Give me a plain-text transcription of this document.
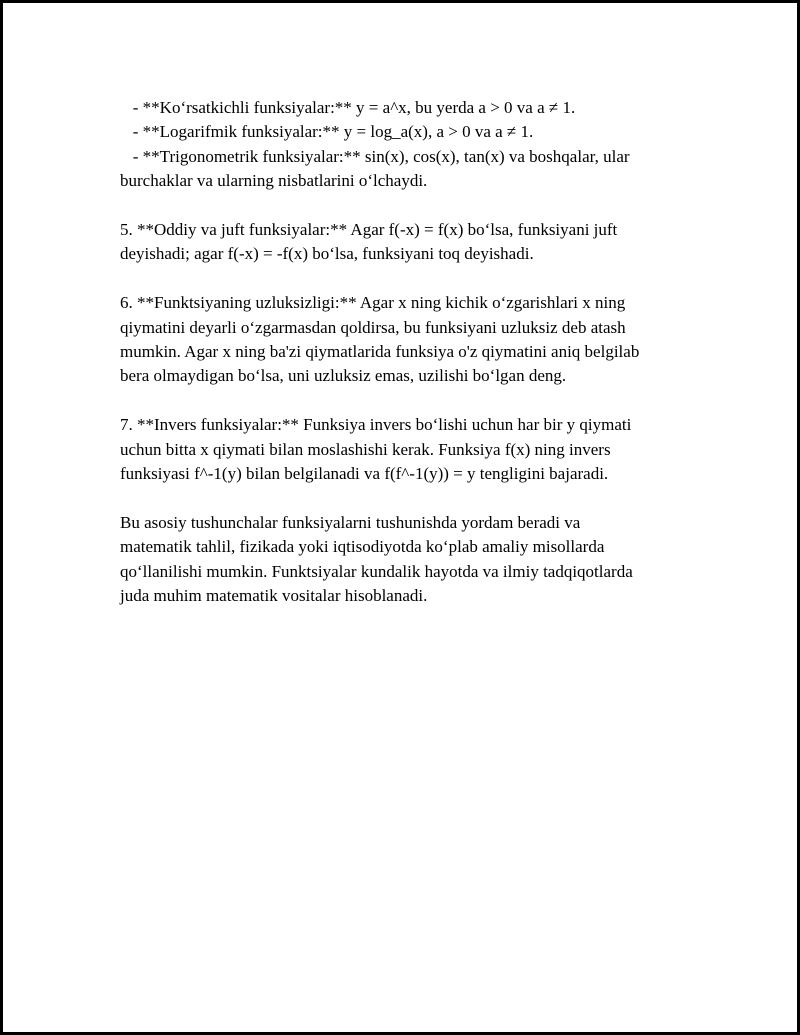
- **Koʻrsatkichli funksiyalar:** y = a^x, bu yerda a > 0 va a ≠ 1.
- **Logarifmik funksiyalar:** y = log_a(x), a > 0 va a ≠ 1.
- **Trigonometrik funksiyalar:** sin(x), cos(x), tan(x) va boshqalar, ular
burchaklar va ularning nisbatlarini oʻlchaydi.
5. **Oddiy va juft funksiyalar:** Agar f(-x) = f(x) boʻlsa, funksiyani juft
deyishadi; agar f(-x) = -f(x) boʻlsa, funksiyani toq deyishadi.
6. **Funktsiyaning uzluksizligi:** Agar x ning kichik oʻzgarishlari x ning
qiymatini deyarli oʻzgarmasdan qoldirsa, bu funksiyani uzluksiz deb atash
mumkin. Agar x ning ba'zi qiymatlarida funksiya o'z qiymatini aniq belgilab
bera olmaydigan boʻlsa, uni uzluksiz emas, uzilishi boʻlgan deng.
7. **Invers funksiyalar:** Funksiya invers boʻlishi uchun har bir y qiymati
uchun bitta x qiymati bilan moslashishi kerak. Funksiya f(x) ning invers
funksiyasi f^-1(y) bilan belgilanadi va f(f^-1(y)) = y tengligini bajaradi.
Bu asosiy tushunchalar funksiyalarni tushunishda yordam beradi va
matematik tahlil, fizikada yoki iqtisodiyotda koʻplab amaliy misollarda
qoʻllanilishi mumkin. Funktsiyalar kundalik hayotda va ilmiy tadqiqotlarda
juda muhim matematik vositalar hisoblanadi.
